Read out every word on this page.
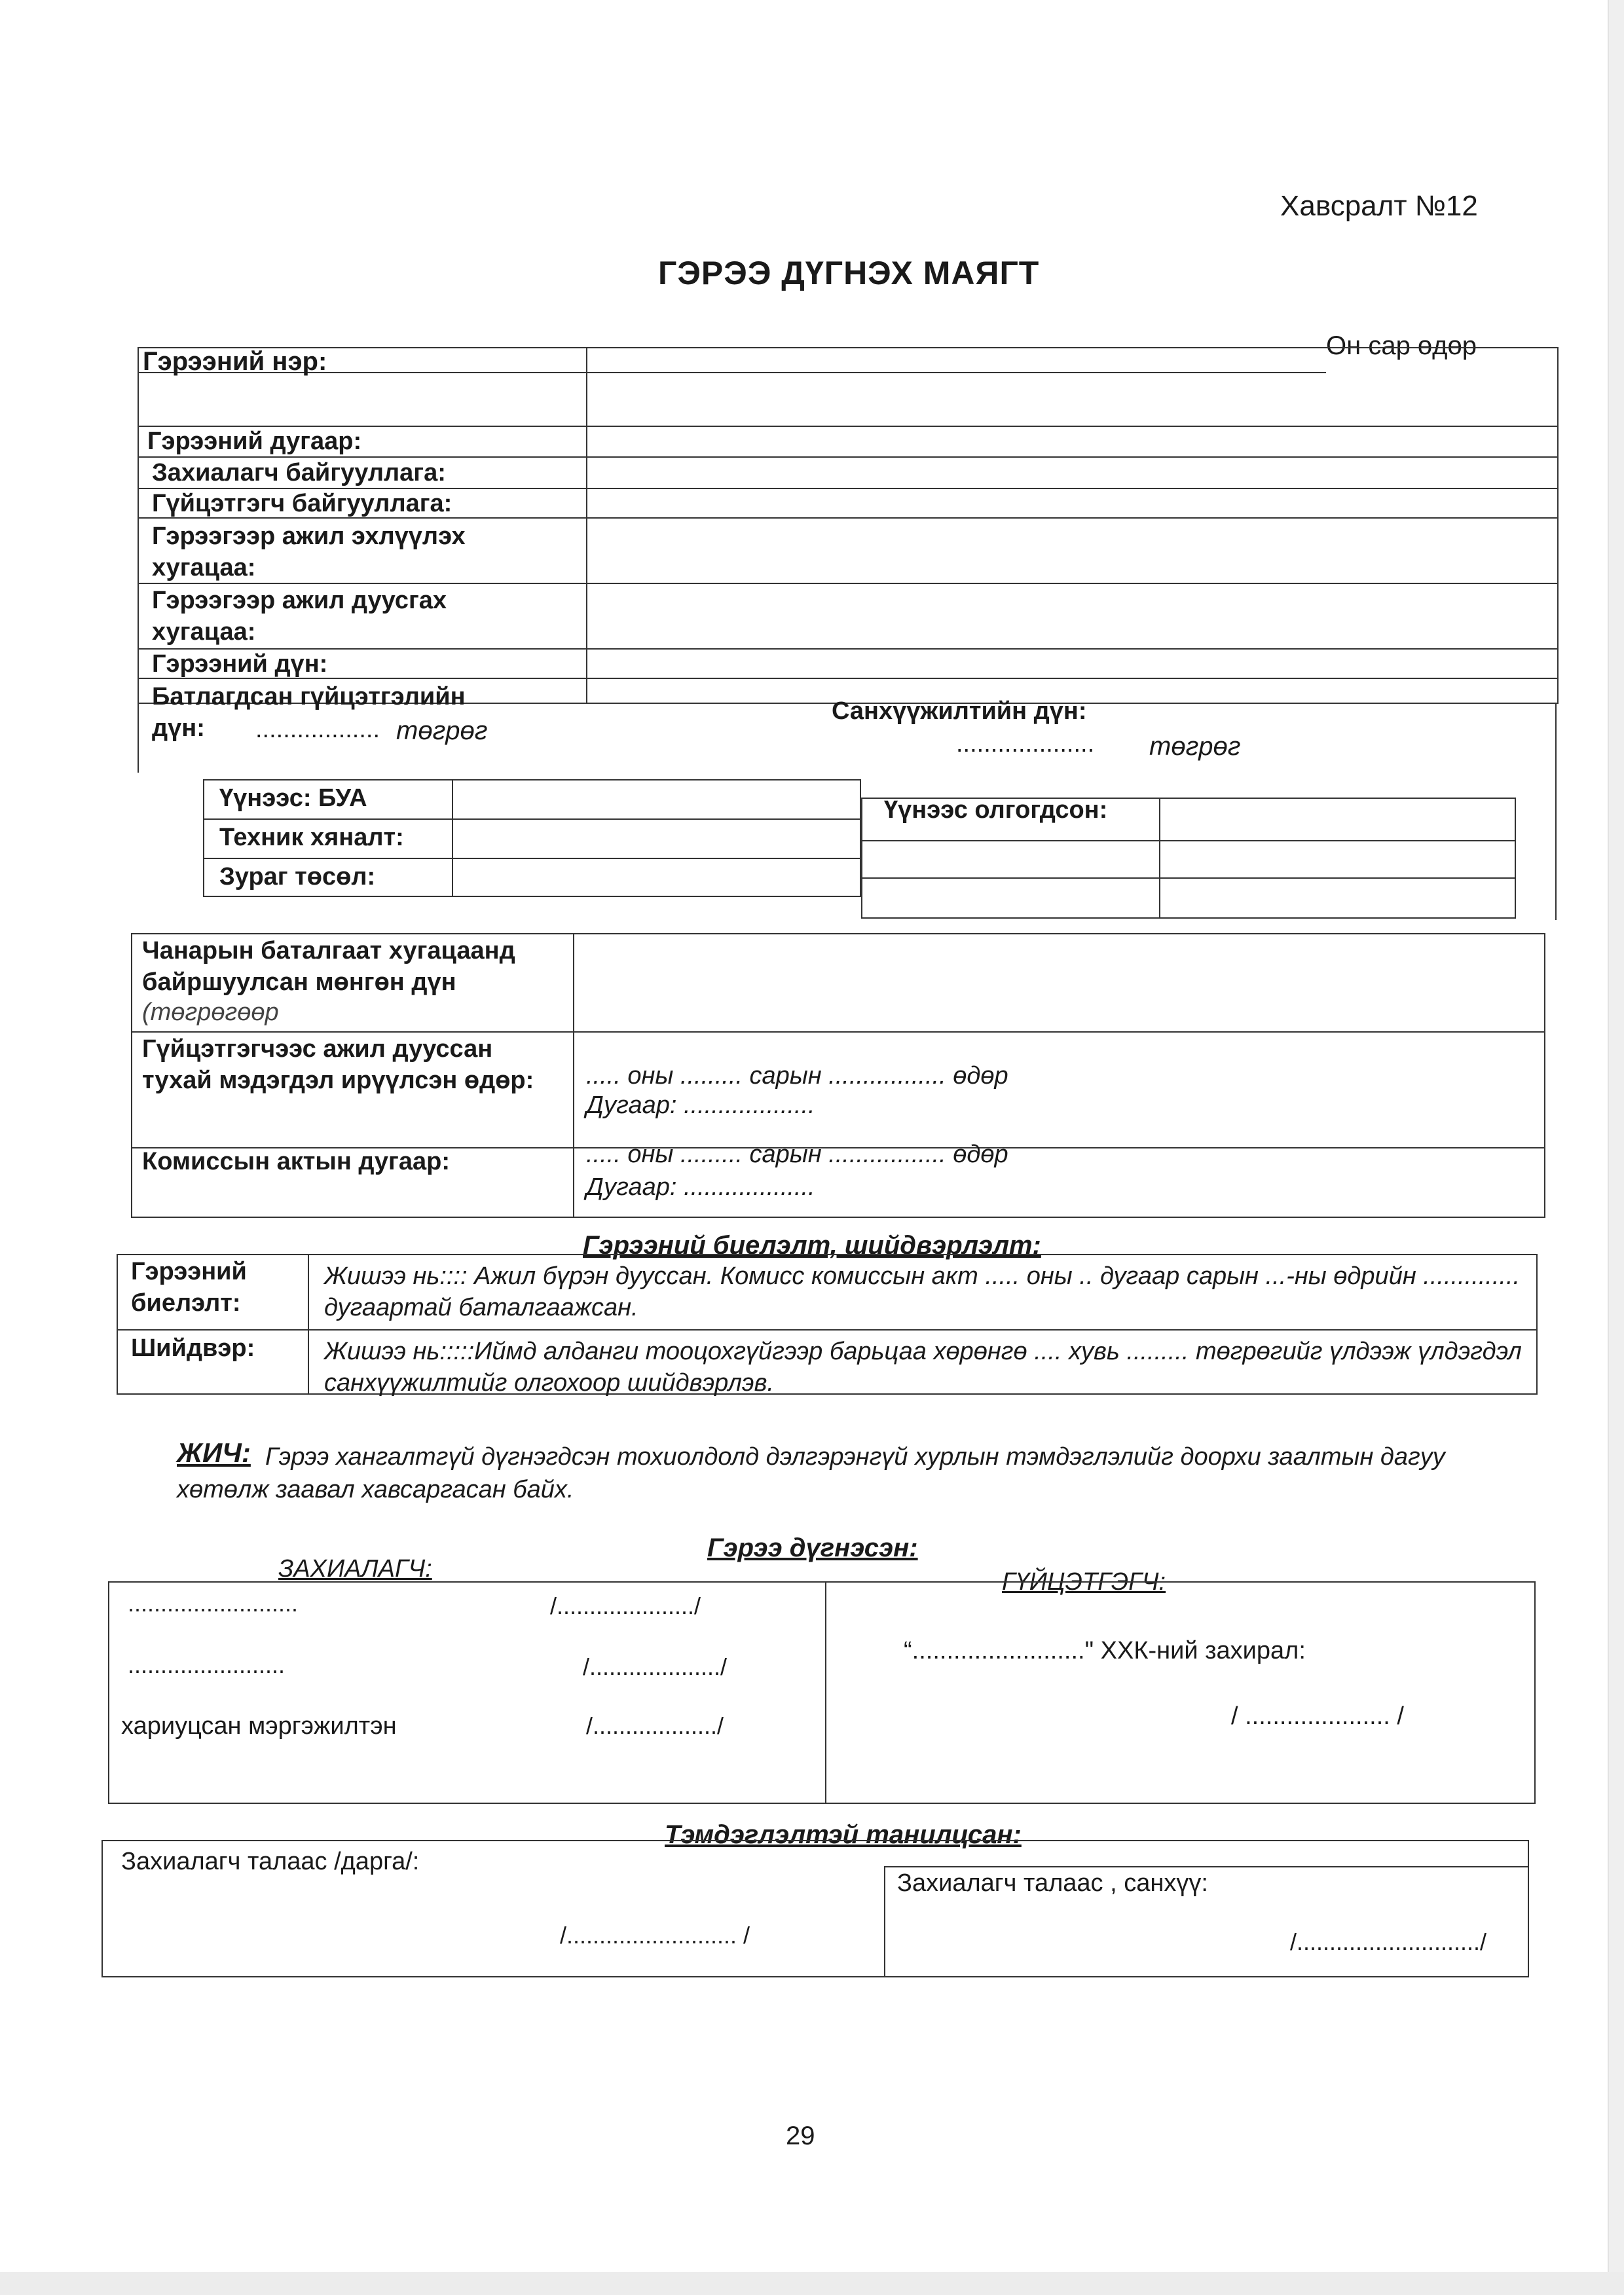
Хавсралт №12
ГЭРЭЭ ДҮГНЭХ МАЯГТ
Он сар өдөр
Гэрээний нэр:
Гэрээний дугаар:
Захиалагч байгууллага:
Гүйцэтгэгч байгууллага:
Гэрээгээр ажил эхлүүлэх хугацаа:
Гэрээгээр ажил дуусгах хугацаа:
Гэрээний дүн:
Батлагдсан гүйцэтгэлийн дүн:	.................. төгрөг
Санхүүжилтийн дүн:
.................... төгрөг
Үүнээс: БУА
Техник хяналт:
Зураг төсөл:
Үүнээс олгогдсон:
Чанарын баталгаат хугацаанд байршуулсан мөнгөн дүн
(төгрөгөөр
Гүйцэтгэгчээс ажил дууссан тухай мэдэгдэл ирүүлсэн өдөр:	..... оны ......... сарын ................. өдөр
Дугаар: ...................
Комиссын актын дугаар:	..... оны ......... сарын ................. өдөр
Дугаар: ...................
Гэрээний биелэлт, шийдвэрлэлт:
Гэрээний биелэлт:
Жишээ нь:::: Ажил бүрэн дууссан. Комисс комиссын акт ..... оны .. дугаар сарын ...-ны өдрийн .............. дугаартай баталгаажсан.
Шийдвэр:	Жишээ нь:::::Иймд алданги тооцохгүйгээр барьцаа хөрөнгө .... хувь ......... төгрөгийг үлдээж үлдэгдэл санхүүжилтийг олгохоор шийдвэрлэв.
ЖИЧ: Гэрээ хангалтгүй дүгнэгдсэн тохиолдолд дэлгэрэнгүй хурлын тэмдэглэлийг доорхи заалтын дагуу хөтөлж заавал хавсаргасан байх.
Гэрээ дүгнэсэн:
ЗАХИАЛАГЧ:	ГҮЙЦЭТГЭГЧ:
..........................	/...................../
........................	/..................../
хариуцсан мэргэжилтэн	/.................../
“........................." ХХК-ний захирал:
/ ..................... /
Тэмдэглэлтэй танилцсан:
Захиалагч талаас /дарга/:
/.......................... /
Захиалагч талаас , санхүү:
/............................/
29
